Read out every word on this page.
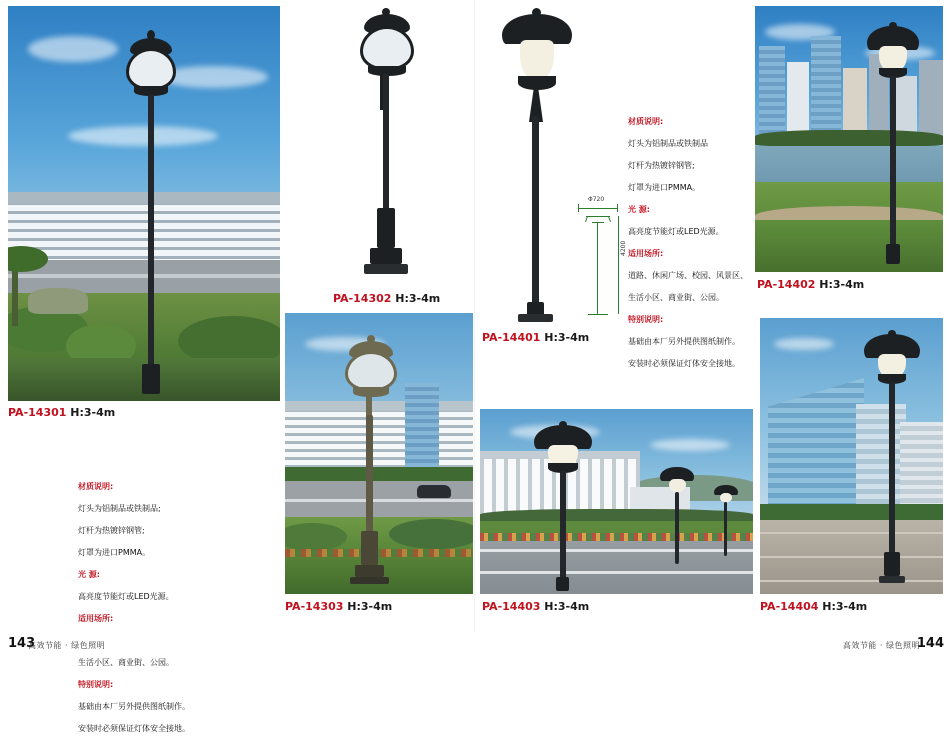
PA-14301 H:3-4m

材质说明:

灯头为铝制品或铁制品;

灯杆为热镀锌钢管;

灯罩为进口PMMA。

光 源:

高亮度节能灯或LED光源。

适用场所:

生活小区、商业街、公园。

特别说明:

基础由本厂另外提供图纸制作。

安装时必须保证灯体安全接地。

PA-14302 H:3-4m
PA-14401 H:3-4m
Φ720
4200

材质说明:

灯头为铝制品或铁制品

灯杆为热镀锌钢管;

灯罩为进口PMMA。

光 源:

高亮度节能灯或LED光源。

适用场所:

道路、休闲广场、校园、风景区、

生活小区、商业街、公园。

特别说明:

基础由本厂另外提供图纸制作。

安装时必须保证灯体安全接地。

PA-14402 H:3-4m
PA-14303 H:3-4m	PA-14403 H:3-4m	PA-14404 H:3-4m
143
高效节能 · 绿色照明	高效节能 · 绿色照明
144
